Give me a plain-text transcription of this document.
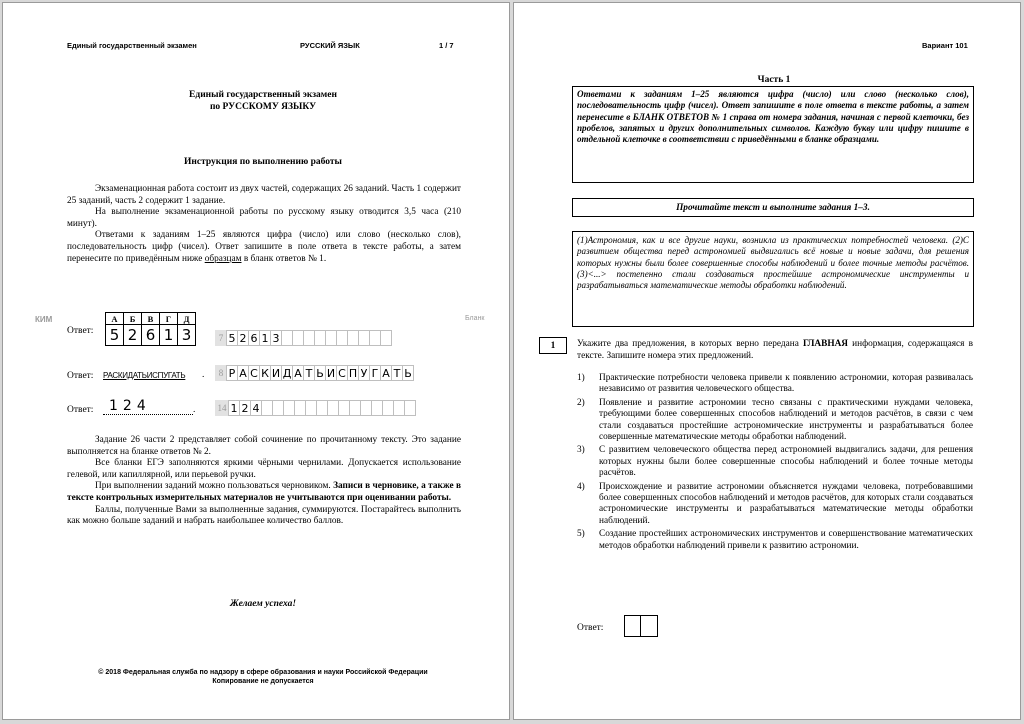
Единый государственный экзамен	РУССКИЙ ЯЗЫК	1 / 7
Единый государственный экзамен
по РУССКОМУ ЯЗЫКУ
Инструкция по выполнению работы

Экзаменационная работа состоит из двух частей, содержащих 26 заданий. Часть 1 содержит 25 заданий, часть 2 содержит 1 задание.

На выполнение экзаменационной работы по русскому языку отводится 3,5 часа (210 минут).

Ответами к заданиям 1–25 являются цифра (число) или слово (несколько слов), последовательность цифр (чисел). Ответ запишите в поле ответа в тексте работы, а затем перенесите по приведённым ниже образцам в бланк ответов № 1.

КИМ	Бланк
Ответ:
А	Б	В	Г	Д
5 2 6 1 3	7 5 2 6 1 3
Ответ: РАСКИДАТЬИСПУГАТЬ .	8 Р А С К И Д А Т Ь И С П У Г А Т Ь
Ответ:	124	. 14 1 2 4

Задание 26 части 2 представляет собой сочинение по прочитанному тексту. Это задание выполняется на бланке ответов № 2.

Все бланки ЕГЭ заполняются яркими чёрными чернилами. Допускается использование гелевой, или капиллярной, или перьевой ручки.

При выполнении заданий можно пользоваться черновиком. Записи в черновике, а также в тексте контрольных измерительных материалов не учитываются при оценивании работы.

Баллы, полученные Вами за выполненные задания, суммируются. Постарайтесь выполнить как можно больше заданий и набрать наибольшее количество баллов.

Желаем успеха!
© 2018 Федеральная служба по надзору в сфере образования и науки Российской Федерации
Копирование не допускается
Вариант 101
Часть 1

Ответами к заданиям 1–25 являются цифра (число) или слово (несколько слов), последовательность цифр (чисел). Ответ запишите в поле ответа в тексте работы, а затем перенесите в БЛАНК ОТВЕТОВ № 1 справа от номера задания, начиная с первой клеточки, без пробелов, запятых и других дополнительных символов. Каждую букву или цифру пишите в отдельной клеточке в соответствии с приведёнными в бланке образцами.

Прочитайте текст и выполните задания 1–3.

(1)Астрономия, как и все другие науки, возникла из практических потребностей человека. (2)С развитием общества перед астрономией выдвигались всё новые и новые задачи, для решения которых нужны были более совершенные способы наблюдений и более точные методы расчётов. (3)<...> постепенно стали создаваться простейшие астрономические инструменты и разрабатываться математические методы обработки наблюдений.

1	Укажите два предложения, в которых верно передана ГЛАВНАЯ информация, содержащаяся в тексте. Запишите номера этих предложений.

1)	Практические потребности человека привели к появлению астрономии, которая развивалась независимо от развития человеческого общества.
2)	Появление и развитие астрономии тесно связаны с практическими нуждами человека, требующими более совершенных способов наблюдений и методов расчётов, в связи с чем стали создаваться простейшие астрономические инструменты и разрабатываться более совершенные математические методы обработки наблюдений.
3)	С развитием человеческого общества перед астрономией выдвигались задачи, для решения которых нужны были более совершенные способы наблюдений и более точные методы расчётов.
4)	Происхождение и развитие астрономии объясняется нуждами человека, потребовавшими более совершенных способов наблюдений и методов расчётов, для которых стали создаваться астрономические инструменты и разрабатываться математические методы обработки наблюдений.
5)	Создание простейших астрономических инструментов и совершенствование математических методов обработки наблюдений привели к развитию астрономии.
Ответ:
